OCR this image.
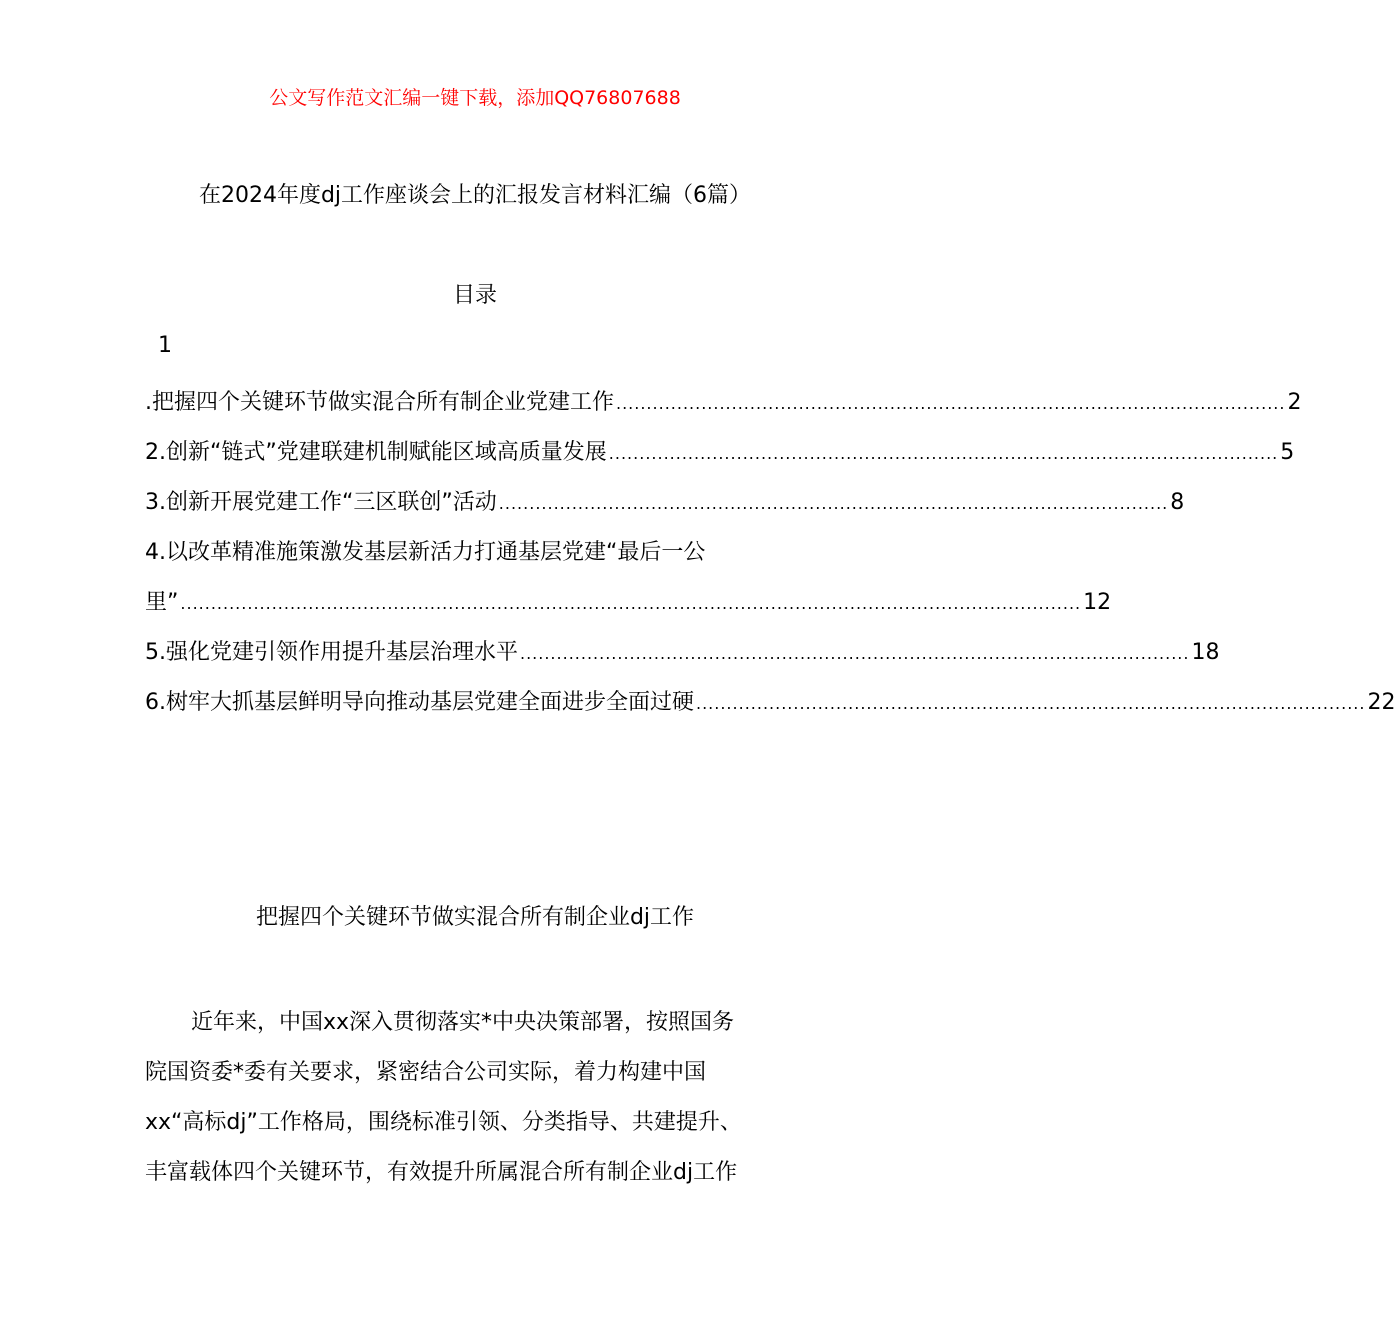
公文写作范文汇编一键下载，添加QQ76807688
在2024年度dj工作座谈会上的汇报发言材料汇编（6篇）
目录
1
.把握四个关键环节做实混合所有制企业党建工作 .............................................................................................................. 2
2.创新“链式”党建联建机制赋能区域高质量发展 .............................................................................................................. 5
3.创新开展党建工作“三区联创”活动 .............................................................................................................. 8
4.以改革精准施策激发基层新活力打通基层党建“最后一公
里” .................................................................................................................................................... 12
5.强化党建引领作用提升基层治理水平 .............................................................................................................. 18
6.树牢大抓基层鲜明导向推动基层党建全面进步全面过硬 .............................................................................................................. 22
把握四个关键环节做实混合所有制企业dj工作
近年来，中国xx深入贯彻落实*中央决策部署，按照国务
院国资委*委有关要求，紧密结合公司实际，着力构建中国
xx“高标dj”工作格局，围绕标准引领、分类指导、共建提升、
丰富载体四个关键环节，有效提升所属混合所有制企业dj工作
